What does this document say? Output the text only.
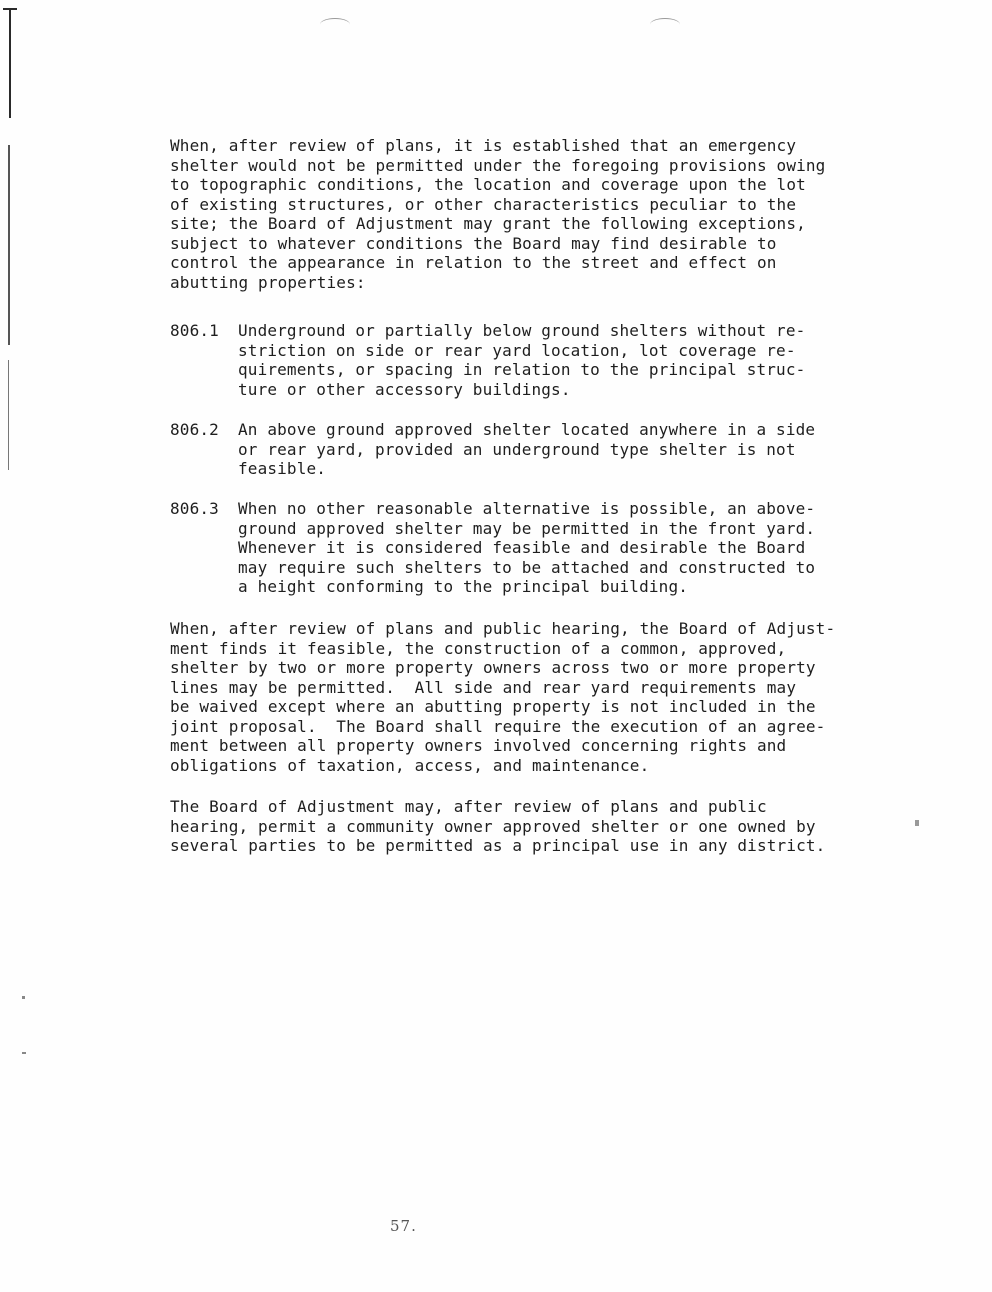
When, after review of plans, it is established that an emergency
shelter would not be permitted under the foregoing provisions owing
to topographic conditions, the location and coverage upon the lot
of existing structures, or other characteristics peculiar to the
site; the Board of Adjustment may grant the following exceptions,
subject to whatever conditions the Board may find desirable to
control the appearance in relation to the street and effect on
abutting properties:
806.1 Underground or partially below ground shelters without re-
striction on side or rear yard location, lot coverage re-
quirements, or spacing in relation to the principal struc-
ture or other accessory buildings.
806.2 An above ground approved shelter located anywhere in a side
or rear yard, provided an underground type shelter is not
feasible.
806.3 When no other reasonable alternative is possible, an above-
ground approved shelter may be permitted in the front yard.
Whenever it is considered feasible and desirable the Board
may require such shelters to be attached and constructed to
a height conforming to the principal building.
When, after review of plans and public hearing, the Board of Adjust-
ment finds it feasible, the construction of a common, approved,
shelter by two or more property owners across two or more property
lines may be permitted.  All side and rear yard requirements may
be waived except where an abutting property is not included in the
joint proposal.  The Board shall require the execution of an agree-
ment between all property owners involved concerning rights and
obligations of taxation, access, and maintenance.
The Board of Adjustment may, after review of plans and public
hearing, permit a community owner approved shelter or one owned by
several parties to be permitted as a principal use in any district.
57.
